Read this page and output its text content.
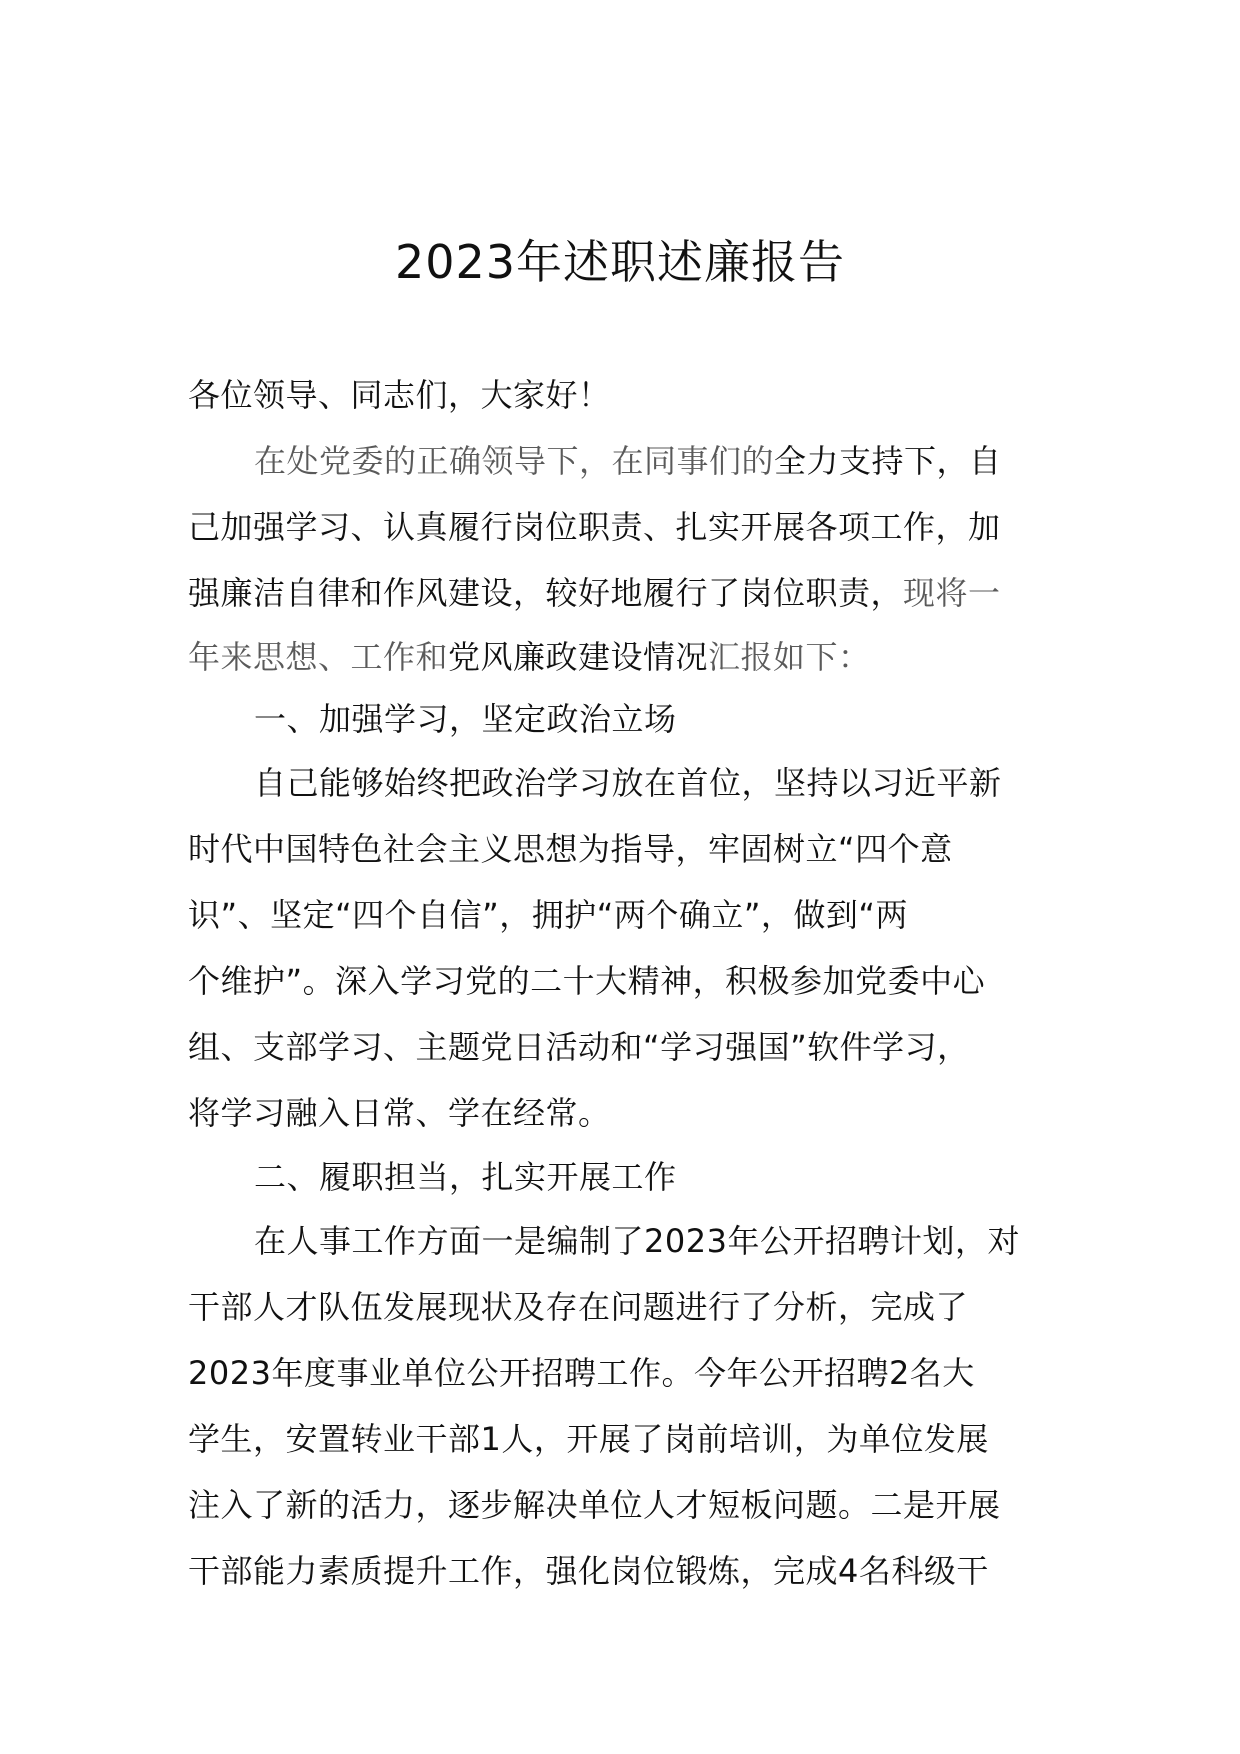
2023年述职述廉报告
各位领导、同志们，大家好！
在处党委的正确领导下，在同事们的全力支持下，自
己加强学习、认真履行岗位职责、扎实开展各项工作，加
强廉洁自律和作风建设，较好地履行了岗位职责，现将一
年来思想、工作和党风廉政建设情况汇报如下：
一、加强学习，坚定政治立场
自己能够始终把政治学习放在首位，坚持以习近平新
时代中国特色社会主义思想为指导，牢固树立“四个意
识”、坚定“四个自信”，拥护“两个确立”，做到“两
个维护”。深入学习党的二十大精神，积极参加党委中心
组、支部学习、主题党日活动和“学习强国”软件学习，
将学习融入日常、学在经常。
二、履职担当，扎实开展工作
在人事工作方面一是编制了2023年公开招聘计划，对
干部人才队伍发展现状及存在问题进行了分析，完成了
2023年度事业单位公开招聘工作。今年公开招聘2名大
学生，安置转业干部1人，开展了岗前培训，为单位发展
注入了新的活力，逐步解决单位人才短板问题。二是开展
干部能力素质提升工作，强化岗位锻炼，完成4名科级干
